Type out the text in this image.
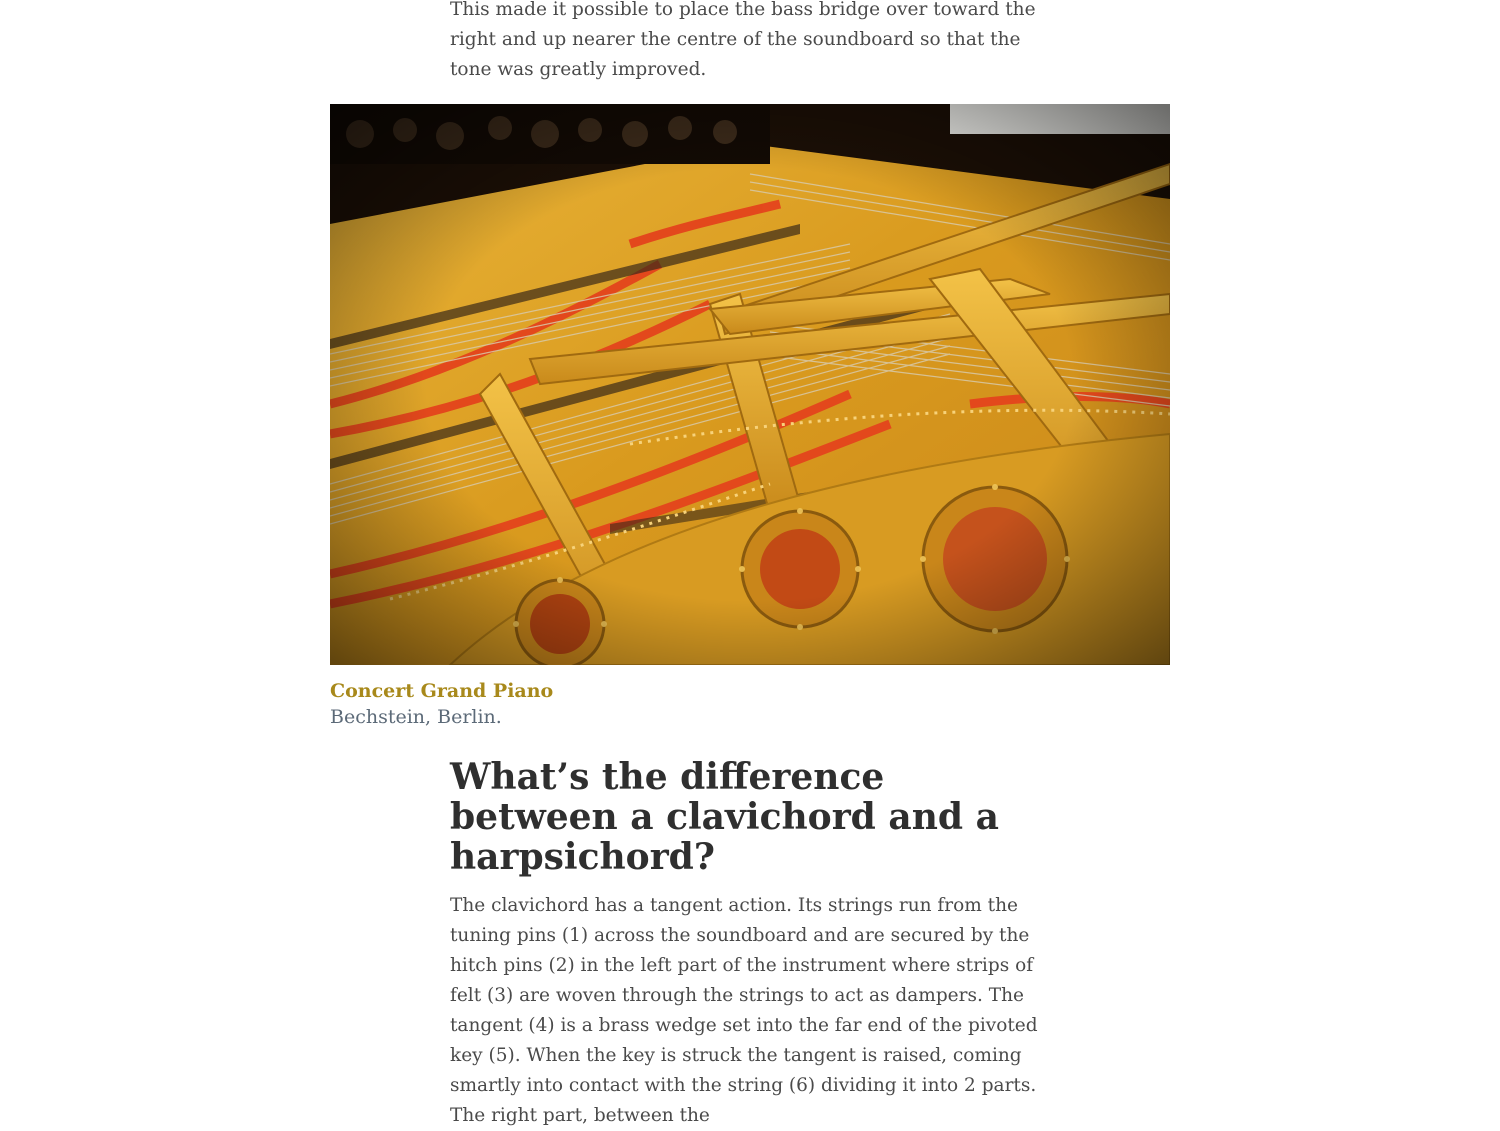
This made it possible to place the bass bridge over toward the right and up nearer the centre of the soundboard so that the tone was greatly improved.

Concert Grand Piano
Bechstein, Berlin.
What’s the difference between a clavichord and a harpsichord?

The clavichord has a tangent action. Its strings run from the tuning pins (1) across the soundboard and are secured by the hitch pins (2) in the left part of the instrument where strips of felt (3) are woven through the strings to act as dampers. The tangent (4) is a brass wedge set into the far end of the pivoted key (5). When the key is struck the tangent is raised, coming smartly into contact with the string (6) dividing it into 2 parts. The right part, between the
